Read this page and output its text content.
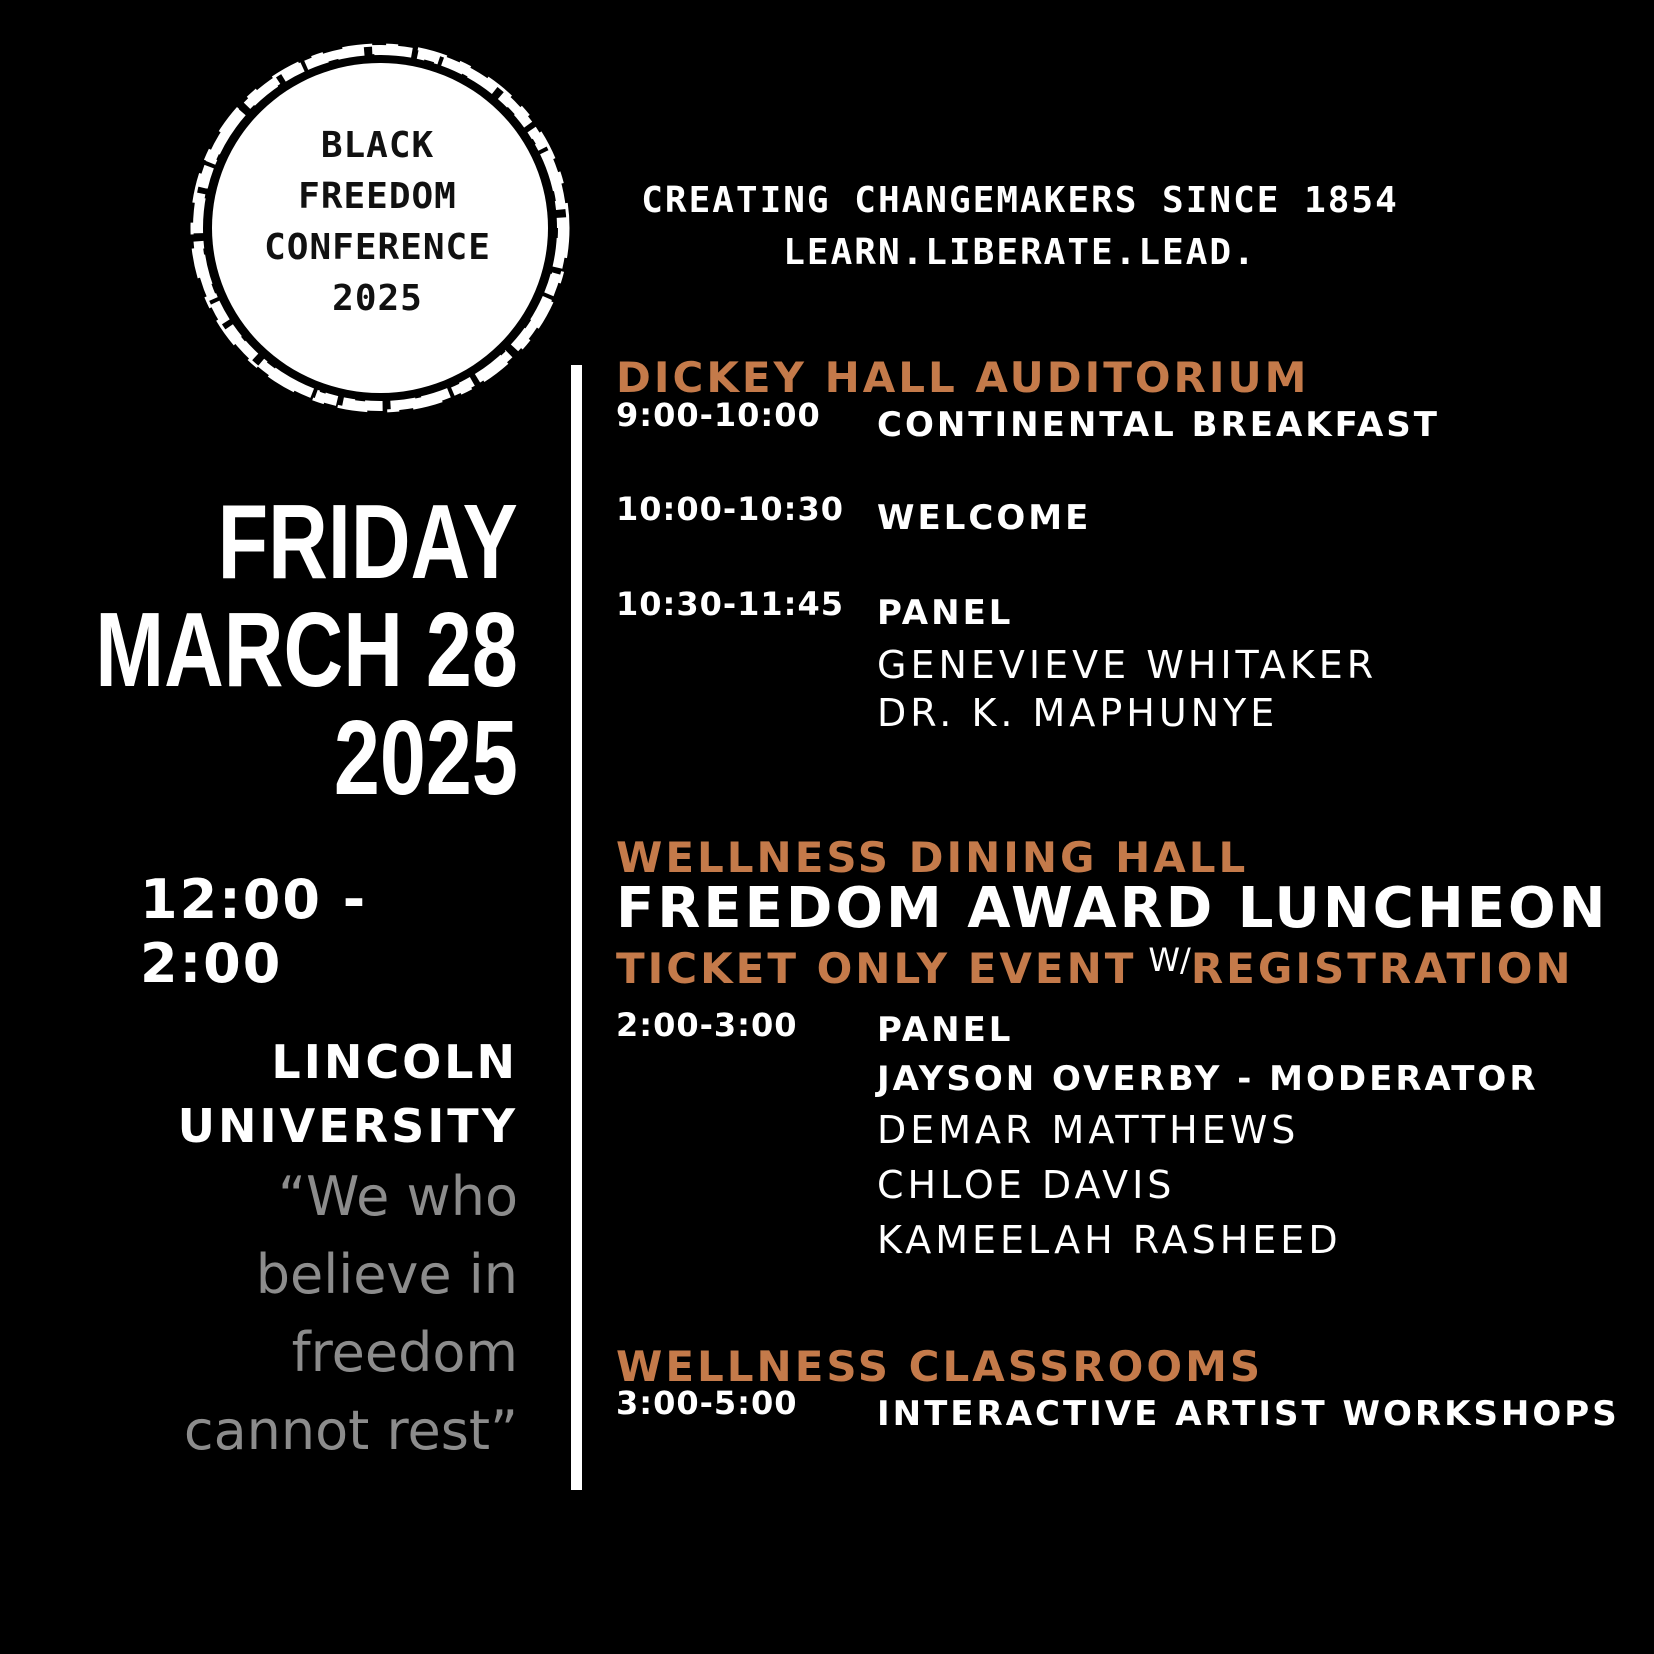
BLACK
FREEDOM
CONFERENCE
2025
CREATING CHANGEMAKERS SINCE 1854
LEARN.LIBERATE.LEAD.
FRIDAY
MARCH 28
2025
12:00 - 2:00
LINCOLN
UNIVERSITY
“We who
believe in
freedom
cannot rest”
DICKEY HALL AUDITORIUM
9:00-10:00 CONTINENTAL BREAKFAST
10:00-10:30 WELCOME
10:30-11:45 PANEL
GENEVIEVE WHITAKER
DR. K. MAPHUNYE
WELLNESS DINING HALL
FREEDOM AWARD LUNCHEON
TICKET ONLY EVENT $^{W/}$REGISTRATION
2:00-3:00 PANEL
JAYSON OVERBY - MODERATOR
DEMAR MATTHEWS
CHLOE DAVIS
KAMEELAH RASHEED
WELLNESS CLASSROOMS
3:00-5:00 INTERACTIVE ARTIST WORKSHOPS
